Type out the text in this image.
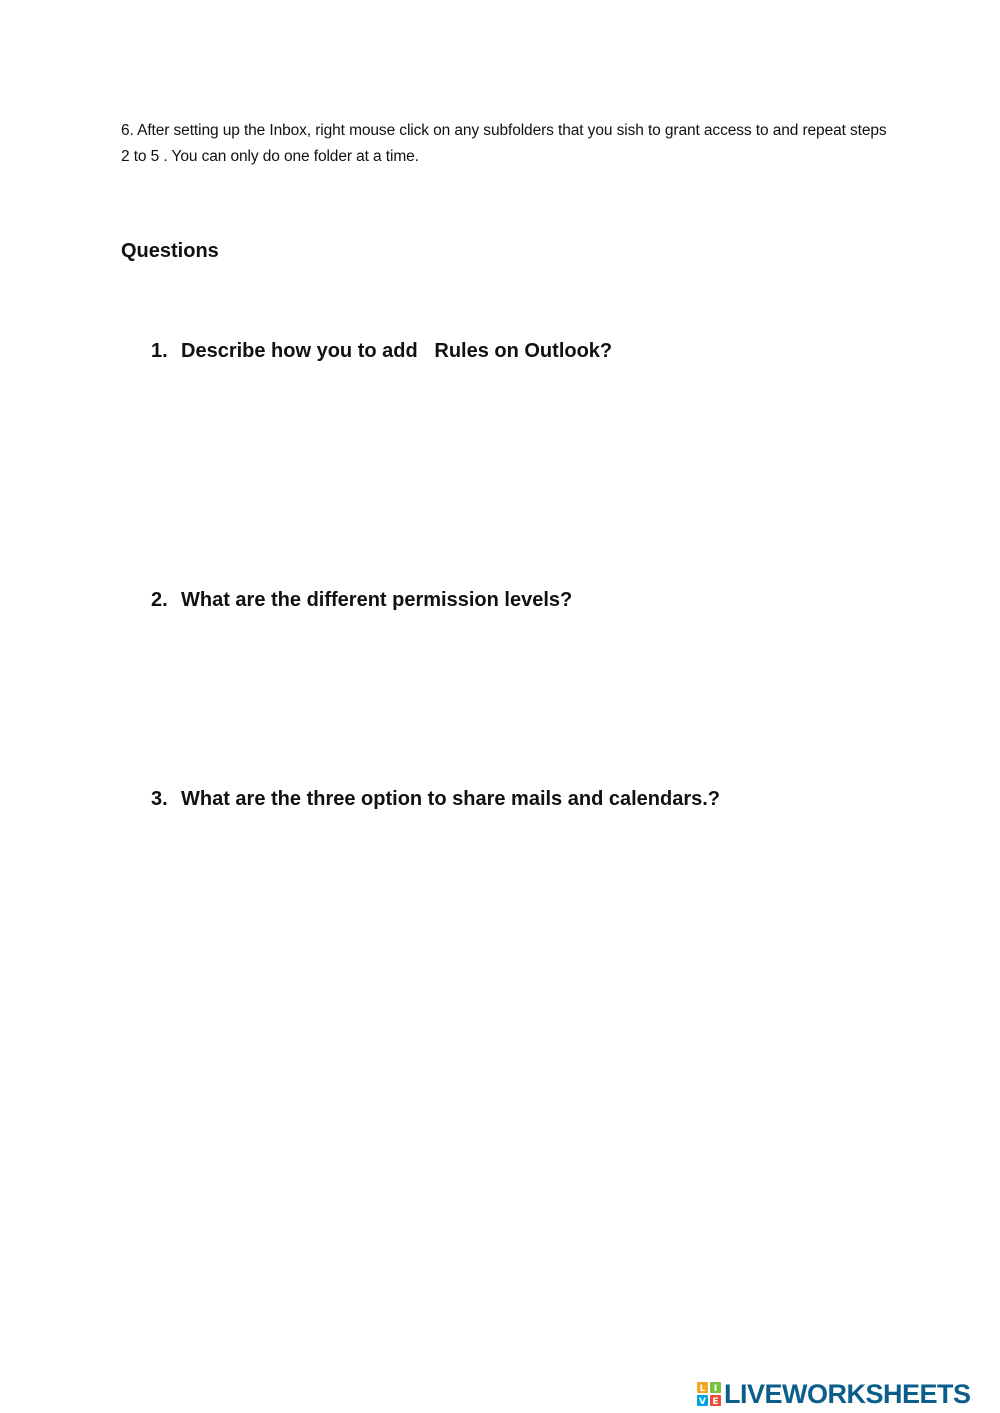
6. After setting up the Inbox, right mouse click on any subfolders that you sish to grant access to and repeat steps 2 to 5 . You can only do one folder at a time.
Questions
1. Describe how you to add   Rules on Outlook?
2. What are the different permission levels?
3. What are the three option to share mails and calendars.?
L I
V E LIVEWORKSHEETS
